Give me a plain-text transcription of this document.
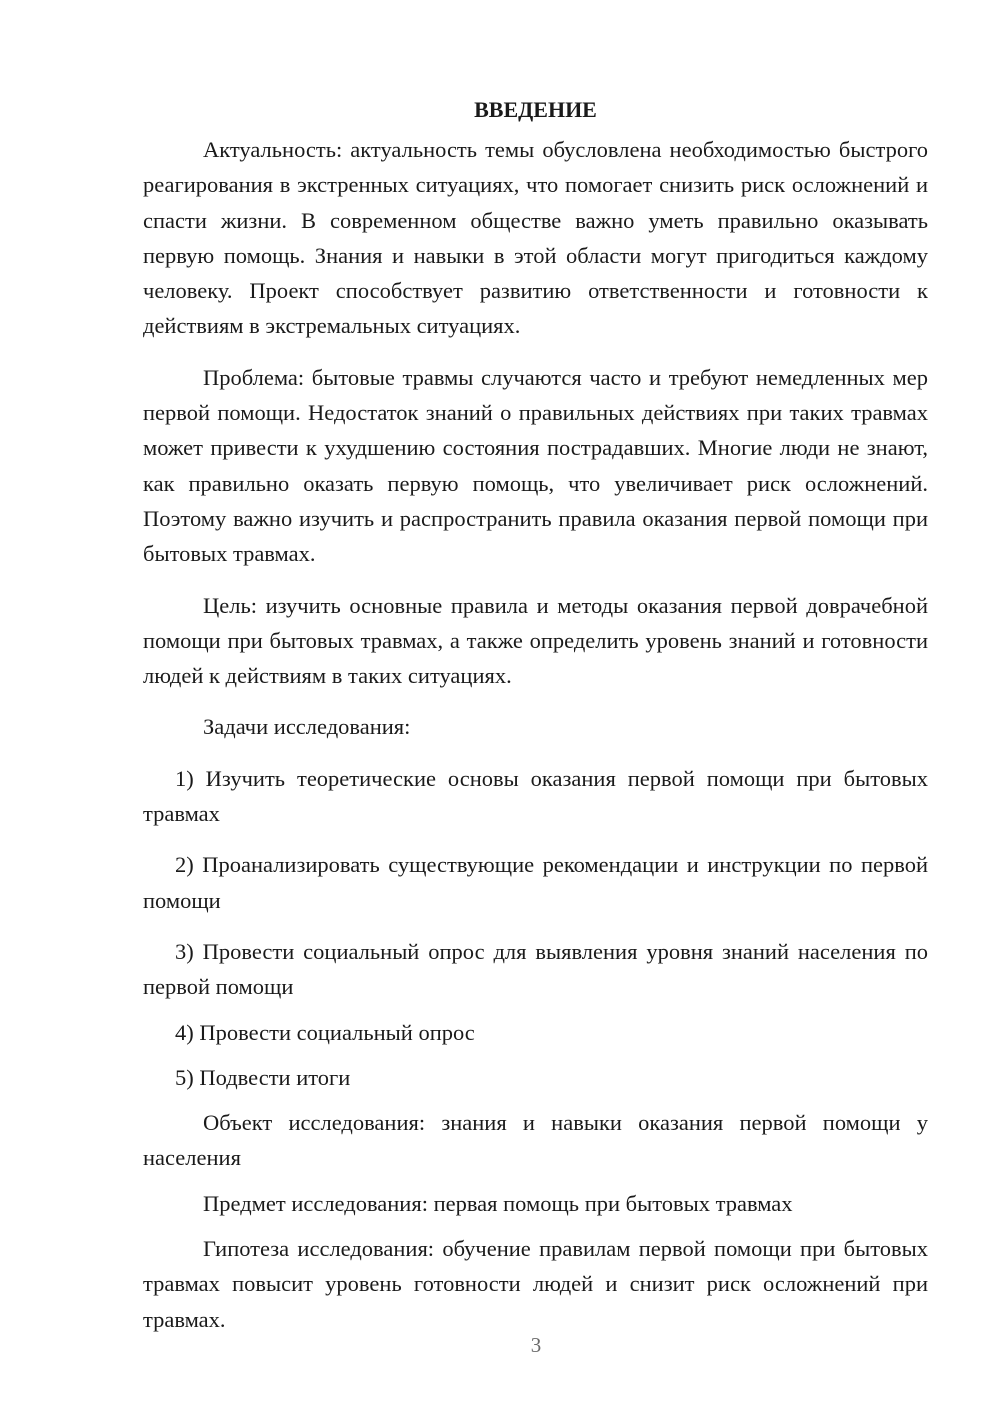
ВВЕДЕНИЕ

Актуальность: актуальность темы обусловлена необходимостью быстрого реагирования в экстренных ситуациях, что помогает снизить риск осложнений и спасти жизни. В современном обществе важно уметь правильно оказывать первую помощь. Знания и навыки в этой области могут пригодиться каждому человеку. Проект способствует развитию ответственности и готовности к действиям в экстремальных ситуациях.

Проблема: бытовые травмы случаются часто и требуют немедленных мер первой помощи. Недостаток знаний о правильных действиях при таких травмах может привести к ухудшению состояния пострадавших. Многие люди не знают, как правильно оказать первую помощь, что увеличивает риск осложнений. Поэтому важно изучить и распространить правила оказания первой помощи при бытовых травмах.

Цель: изучить основные правила и методы оказания первой доврачебной помощи при бытовых травмах, а также определить уровень знаний и готовности людей к действиям в таких ситуациях.

Задачи исследования:

1) Изучить теоретические основы оказания первой помощи при бытовых травмах

2) Проанализировать существующие рекомендации и инструкции по первой помощи

3) Провести социальный опрос для выявления уровня знаний населения по первой помощи

4) Провести социальный опрос

5) Подвести итоги

Объект исследования: знания и навыки оказания первой помощи у населения

Предмет исследования: первая помощь при бытовых травмах

Гипотеза исследования: обучение правилам первой помощи при бытовых травмах повысит уровень готовности людей и снизит риск осложнений при травмах.

3
